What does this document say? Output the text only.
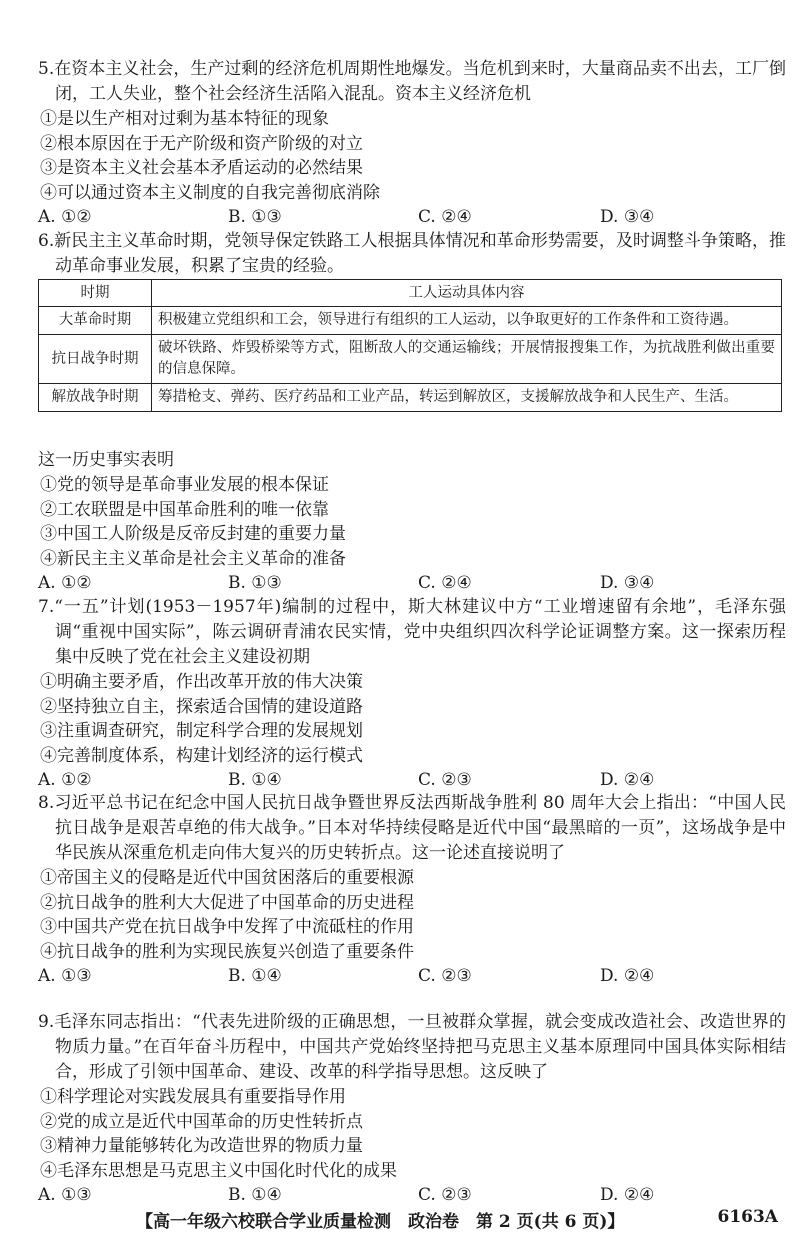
5.在资本主义社会，生产过剩的经济危机周期性地爆发。当危机到来时，大量商品卖不出去，工厂倒闭，工人失业，整个社会经济生活陷入混乱。资本主义经济危机
①是以生产相对过剩为基本特征的现象
②根本原因在于无产阶级和资产阶级的对立
③是资本主义社会基本矛盾运动的必然结果
④可以通过资本主义制度的自我完善彻底消除
A. ①②	B. ①③	C. ②④	D. ③④
6.新民主主义革命时期，党领导保定铁路工人根据具体情况和革命形势需要，及时调整斗争策略，推动革命事业发展，积累了宝贵的经验。
时期	工人运动具体内容
大革命时期	积极建立党组织和工会，领导进行有组织的工人运动，以争取更好的工作条件和工资待遇。
抗日战争时期	破坏铁路、炸毁桥梁等方式，阻断敌人的交通运输线；开展情报搜集工作，为抗战胜利做出重要的信息保障。
解放战争时期	筹措枪支、弹药、医疗药品和工业产品，转运到解放区，支援解放战争和人民生产、生活。
这一历史事实表明
①党的领导是革命事业发展的根本保证
②工农联盟是中国革命胜利的唯一依靠
③中国工人阶级是反帝反封建的重要力量
④新民主主义革命是社会主义革命的准备
A. ①②	B. ①③	C. ②④	D. ③④
7.“一五”计划(1953－1957年)编制的过程中，斯大林建议中方“工业增速留有余地”，毛泽东强调“重视中国实际”，陈云调研青浦农民实情，党中央组织四次科学论证调整方案。这一探索历程集中反映了党在社会主义建设初期
①明确主要矛盾，作出改革开放的伟大决策
②坚持独立自主，探索适合国情的建设道路
③注重调查研究，制定科学合理的发展规划
④完善制度体系，构建计划经济的运行模式
A. ①②	B. ①④	C. ②③	D. ②④
8.习近平总书记在纪念中国人民抗日战争暨世界反法西斯战争胜利 80 周年大会上指出：“中国人民抗日战争是艰苦卓绝的伟大战争。”日本对华持续侵略是近代中国“最黑暗的一页”，这场战争是中华民族从深重危机走向伟大复兴的历史转折点。这一论述直接说明了
①帝国主义的侵略是近代中国贫困落后的重要根源
②抗日战争的胜利大大促进了中国革命的历史进程
③中国共产党在抗日战争中发挥了中流砥柱的作用
④抗日战争的胜利为实现民族复兴创造了重要条件
A. ①③	B. ①④	C. ②③	D. ②④
9.毛泽东同志指出：“代表先进阶级的正确思想，一旦被群众掌握，就会变成改造社会、改造世界的物质力量。”在百年奋斗历程中，中国共产党始终坚持把马克思主义基本原理同中国具体实际相结合，形成了引领中国革命、建设、改革的科学指导思想。这反映了
①科学理论对实践发展具有重要指导作用
②党的成立是近代中国革命的历史性转折点
③精神力量能够转化为改造世界的物质力量
④毛泽东思想是马克思主义中国化时代化的成果
A. ①③	B. ①④	C. ②③	D. ②④
【高一年级六校联合学业质量检测　政治卷　第 2 页(共 6 页)】	6163A
